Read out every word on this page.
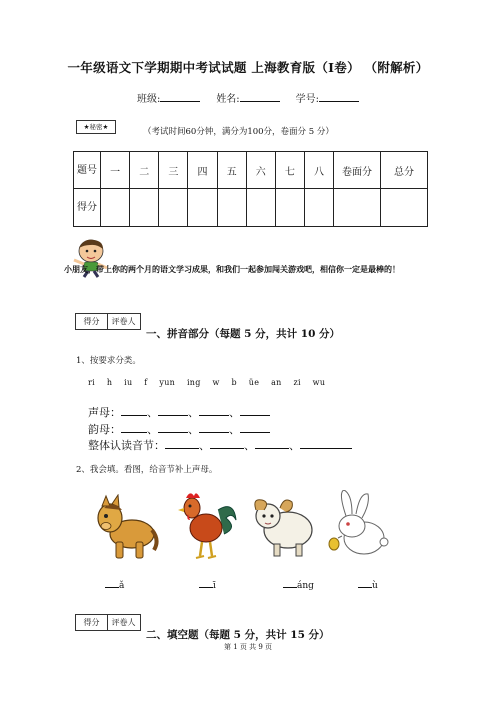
一年级语文下学期期中考试试题 上海教育版（I卷） （附解析）
班级:	姓名:	学号:
★秘密★	（考试时间60分钟，满分为100分，卷面分 5 分）
题号	一	二	三	四	五	六	七	八	卷面分	总分
得分										
小朋友，带上你的两个月的语文学习成果，和我们一起参加闯关游戏吧，相信你一定是最棒的！
得分 评卷人
一、拼音部分（每题 5 分，共计 10 分）
1、按要求分类。
ri h iu f yun ing w b üe an zi wu
声母： 、	、	、
韵母： 、	、	、
整体认读音节：	、	、	、
2、我会填。看图，给音节补上声母。
ǎ	ī	áng	ù
得分 评卷人
二、填空题（每题 5 分，共计 15 分）
第 1 页 共 9 页
